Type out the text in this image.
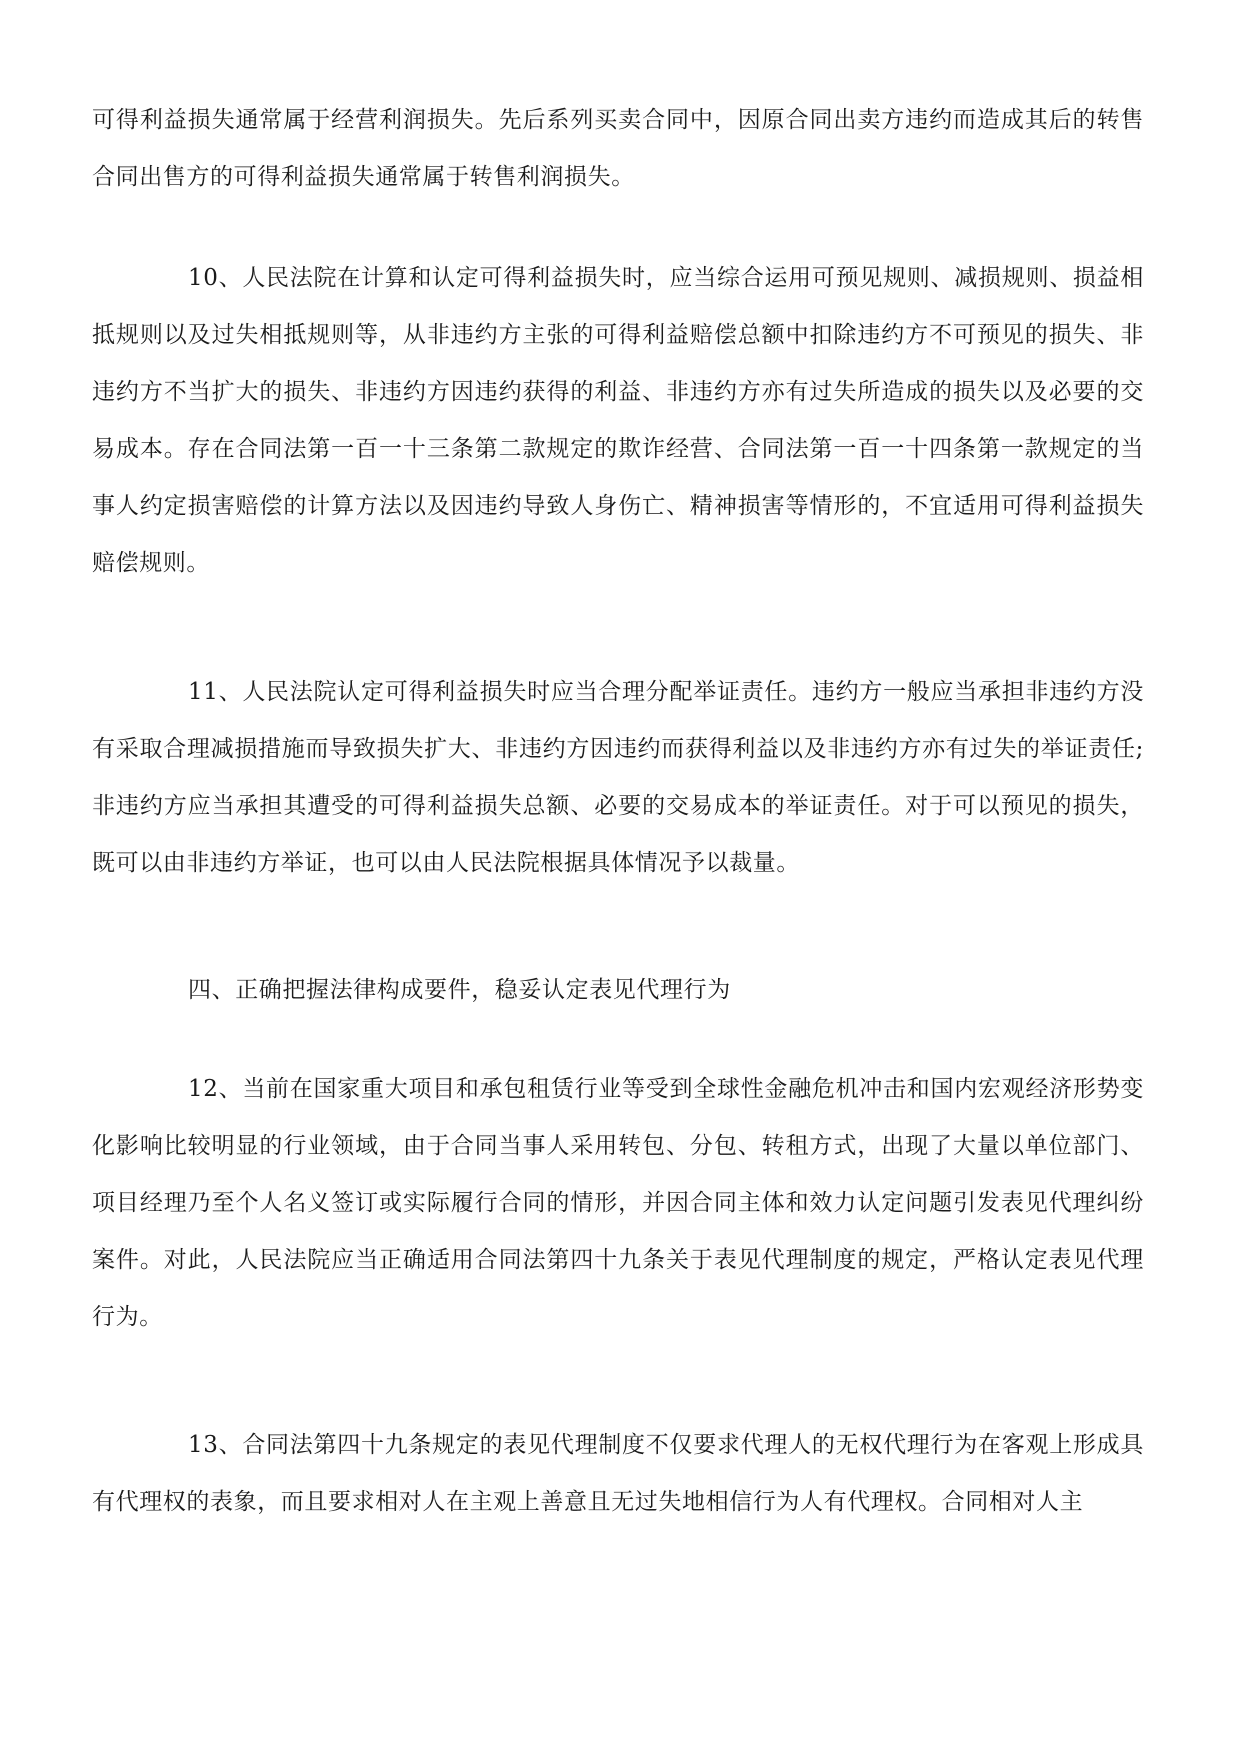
可得利益损失通常属于经营利润损失。先后系列买卖合同中，因原合同出卖方违约而造成其后的转售合同出售方的可得利益损失通常属于转售利润损失。

10、人民法院在计算和认定可得利益损失时，应当综合运用可预见规则、减损规则、损益相抵规则以及过失相抵规则等，从非违约方主张的可得利益赔偿总额中扣除违约方不可预见的损失、非违约方不当扩大的损失、非违约方因违约获得的利益、非违约方亦有过失所造成的损失以及必要的交易成本。存在合同法第一百一十三条第二款规定的欺诈经营、合同法第一百一十四条第一款规定的当事人约定损害赔偿的计算方法以及因违约导致人身伤亡、精神损害等情形的，不宜适用可得利益损失赔偿规则。

11、人民法院认定可得利益损失时应当合理分配举证责任。违约方一般应当承担非违约方没有采取合理减损措施而导致损失扩大、非违约方因违约而获得利益以及非违约方亦有过失的举证责任;非违约方应当承担其遭受的可得利益损失总额、必要的交易成本的举证责任。对于可以预见的损失，既可以由非违约方举证，也可以由人民法院根据具体情况予以裁量。

四、正确把握法律构成要件，稳妥认定表见代理行为

12、当前在国家重大项目和承包租赁行业等受到全球性金融危机冲击和国内宏观经济形势变化影响比较明显的行业领域，由于合同当事人采用转包、分包、转租方式，出现了大量以单位部门、项目经理乃至个人名义签订或实际履行合同的情形，并因合同主体和效力认定问题引发表见代理纠纷案件。对此，人民法院应当正确适用合同法第四十九条关于表见代理制度的规定，严格认定表见代理行为。

13、合同法第四十九条规定的表见代理制度不仅要求代理人的无权代理行为在客观上形成具有代理权的表象，而且要求相对人在主观上善意且无过失地相信行为人有代理权。合同相对人主
